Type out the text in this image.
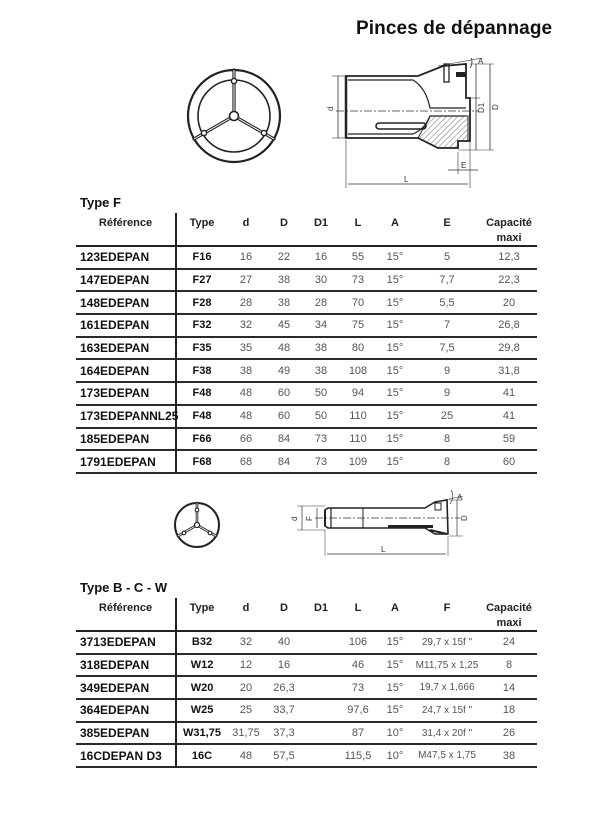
Pinces de dépannage
d	D1 D
A
E
L
Type F
Référence	Type	d	D	D1	L	A	E	Capacité
maxi

123EDEPAN	F16	16	22	16	55	15°	5	12,3
147EDEPAN	F27	27	38	30	73	15°	7,7	22,3
148EDEPAN	F28	28	38	28	70	15°	5,5	20
161EDEPAN	F32	32	45	34	75	15°	7	26,8
163EDEPAN	F35	35	48	38	80	15°	7,5	29,8
164EDEPAN	F38	38	49	38	108	15°	9	31,8
173EDEPAN	F48	48	60	50	94	15°	9	41
173EDEPANNL25	F48	48	60	50	110	15°	25	41
185EDEPAN	F66	66	84	73	110	15°	8	59
1791EDEPAN	F68	68	84	73	109	15°	8	60
d F	D
A
L
Type B - C - W
Référence	Type	d	D	D1	L	A	F	Capacité
maxi

3713EDEPAN	B32	32	40		106	15°	29,7 x 15f "	24
318EDEPAN	W12	12	16		46	15°	M11,75 x 1,25	8
349EDEPAN	W20	20	26,3		73	15°	19,7 x 1,666	14
364EDEPAN	W25	25	33,7		97,6	15°	24,7 x 15f "	18
385EDEPAN	W31,75	31,75	37,3		87	10°	31,4 x 20f "	26
16CDEPAN D3	16C	48	57,5		115,5	10°	M47,5 x 1,75	38
